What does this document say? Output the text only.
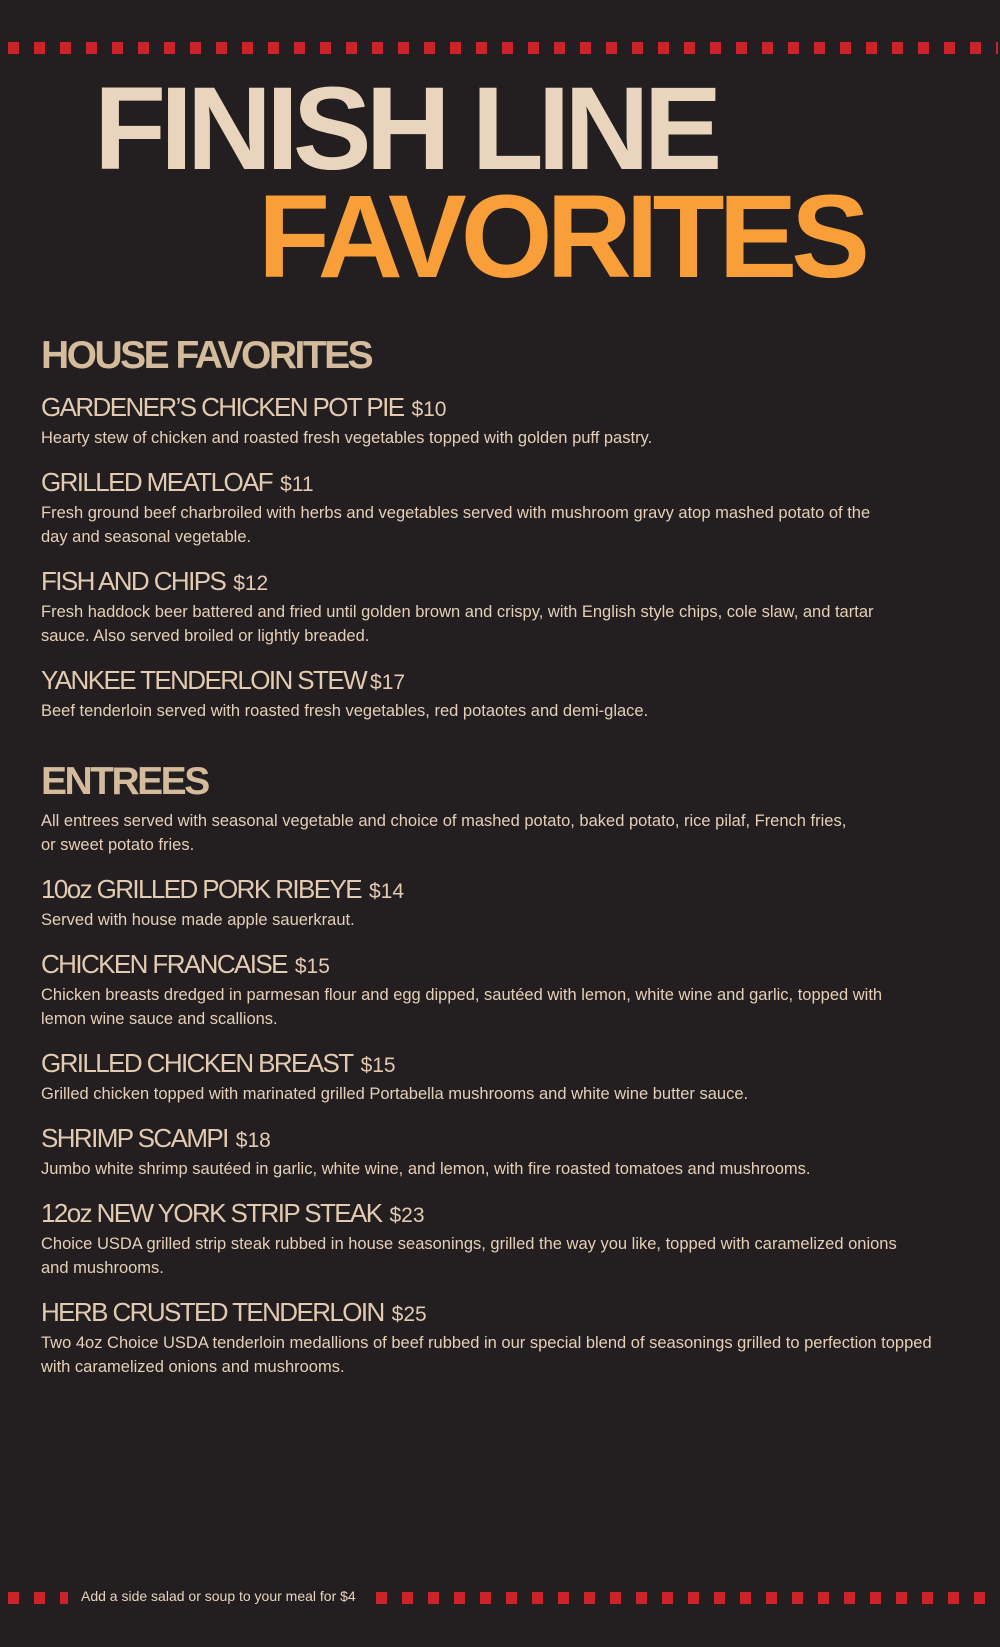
FINISH LINE
FAVORITES
HOUSE FAVORITES
GARDENER’S CHICKEN POT PIE $10
Hearty stew of chicken and roasted fresh vegetables topped with golden puff pastry.
GRILLED MEATLOAF $11
Fresh ground beef charbroiled with herbs and vegetables served with mushroom gravy atop mashed potato of the day and seasonal vegetable.
FISH AND CHIPS $12
Fresh haddock beer battered and fried until golden brown and crispy, with English style chips, cole slaw, and tartar sauce. Also served broiled or lightly breaded.
YANKEE TENDERLOIN STEW $17
Beef tenderloin served with roasted fresh vegetables, red potaotes and demi-glace.
ENTREES
All entrees served with seasonal vegetable and choice of mashed potato, baked potato, rice pilaf, French fries, or sweet potato fries.
10oz GRILLED PORK RIBEYE $14
Served with house made apple sauerkraut.
CHICKEN FRANCAISE $15
Chicken breasts dredged in parmesan flour and egg dipped, sautéed with lemon, white wine and garlic, topped with lemon wine sauce and scallions.
GRILLED CHICKEN BREAST $15
Grilled chicken topped with marinated grilled Portabella mushrooms and white wine butter sauce.
SHRIMP SCAMPI $18
Jumbo white shrimp sautéed in garlic, white wine, and lemon, with fire roasted tomatoes and mushrooms.
12oz NEW YORK STRIP STEAK $23
Choice USDA grilled strip steak rubbed in house seasonings, grilled the way you like, topped with caramelized onions and mushrooms.
HERB CRUSTED TENDERLOIN $25
Two 4oz Choice USDA tenderloin medallions of beef rubbed in our special blend of seasonings grilled to perfection topped with caramelized onions and mushrooms.
Add a side salad or soup to your meal for $4
